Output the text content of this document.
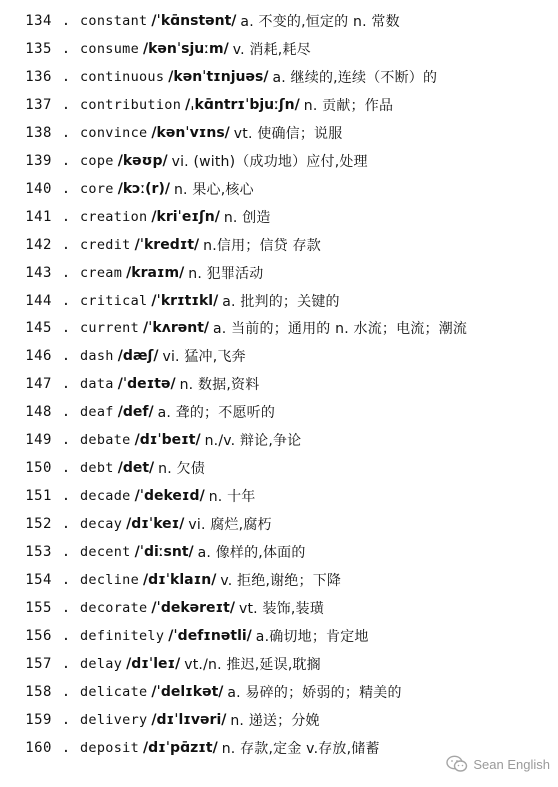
134 . constant /ˈkɑ̄nstənt/ a. 不变的,恒定的 n. 常数
135 . consume /kənˈsjuːm/ v. 消耗,耗尽
136 . continuous /kənˈtɪnjuəs/ a. 继续的,连续（不断）的
137 . contribution /ˌkɑ̄ntrɪˈbjuːʃn/ n. 贡献；作品
138 . convince /kənˈvɪns/ vt. 使确信；说服
139 . cope /kəʊp/ vi. (with)（成功地）应付,处理
140 . core /kɔː(r)/ n. 果心,核心
141 . creation /kriˈeɪʃn/ n. 创造
142 . credit /ˈkredɪt/ n.信用；信贷 存款
143 . cream /kraɪm/ n. 犯罪活动
144 . critical /ˈkrɪtɪkl/ a. 批判的；关键的
145 . current /ˈkʌrənt/ a. 当前的；通用的 n. 水流；电流；潮流
146 . dash /dæʃ/ vi. 猛冲,飞奔
147 . data /ˈdeɪtə/ n. 数据,资料
148 . deaf /def/ a. 聋的；不愿听的
149 . debate /dɪˈbeɪt/ n./v. 辩论,争论
150 . debt /det/ n. 欠债
151 . decade /ˈdekeɪd/ n. 十年
152 . decay /dɪˈkeɪ/ vi. 腐烂,腐朽
153 . decent /ˈdiːsnt/ a. 像样的,体面的
154 . decline /dɪˈklaɪn/ v. 拒绝,谢绝；下降
155 . decorate /ˈdekəreɪt/ vt. 装饰,装璜
156 . definitely /ˈdefɪnətli/ a.确切地；肯定地
157 . delay /dɪˈleɪ/ vt./n. 推迟,延误,耽搁
158 . delicate /ˈdelɪkət/ a. 易碎的；娇弱的；精美的
159 . delivery /dɪˈlɪvəri/ n. 递送；分娩
160 . deposit /dɪˈpɑ̄zɪt/ n. 存款,定金 v.存放,储蓄
Sean English
